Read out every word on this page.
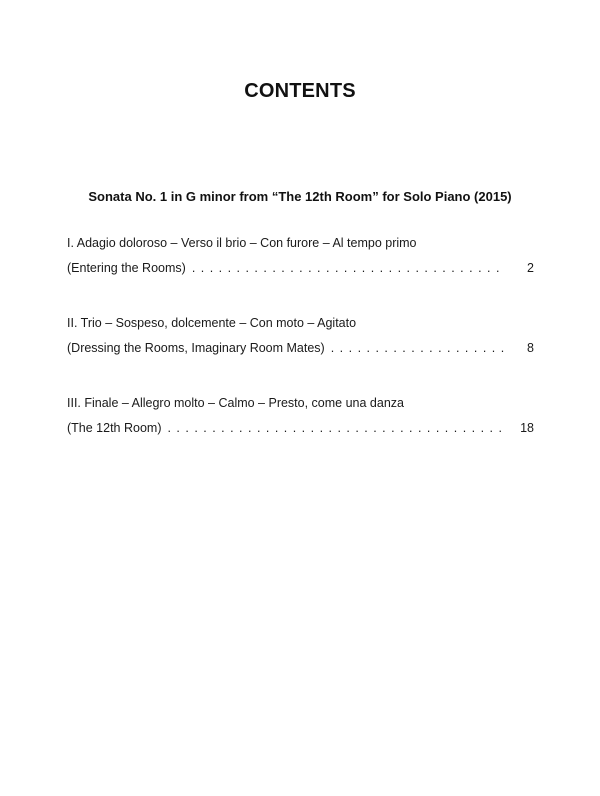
CONTENTS
Sonata No. 1 in G minor from “The 12th Room” for Solo Piano (2015)
I. Adagio doloroso – Verso il brio – Con furore – Al tempo primo
(Entering the Rooms) . . .	2
II. Trio – Sospeso, dolcemente – Con moto – Agitato
(Dressing the Rooms, Imaginary Room Mates) . . .	8
III. Finale – Allegro molto – Calmo – Presto, come una danza
(The 12th Room) . . .	18
